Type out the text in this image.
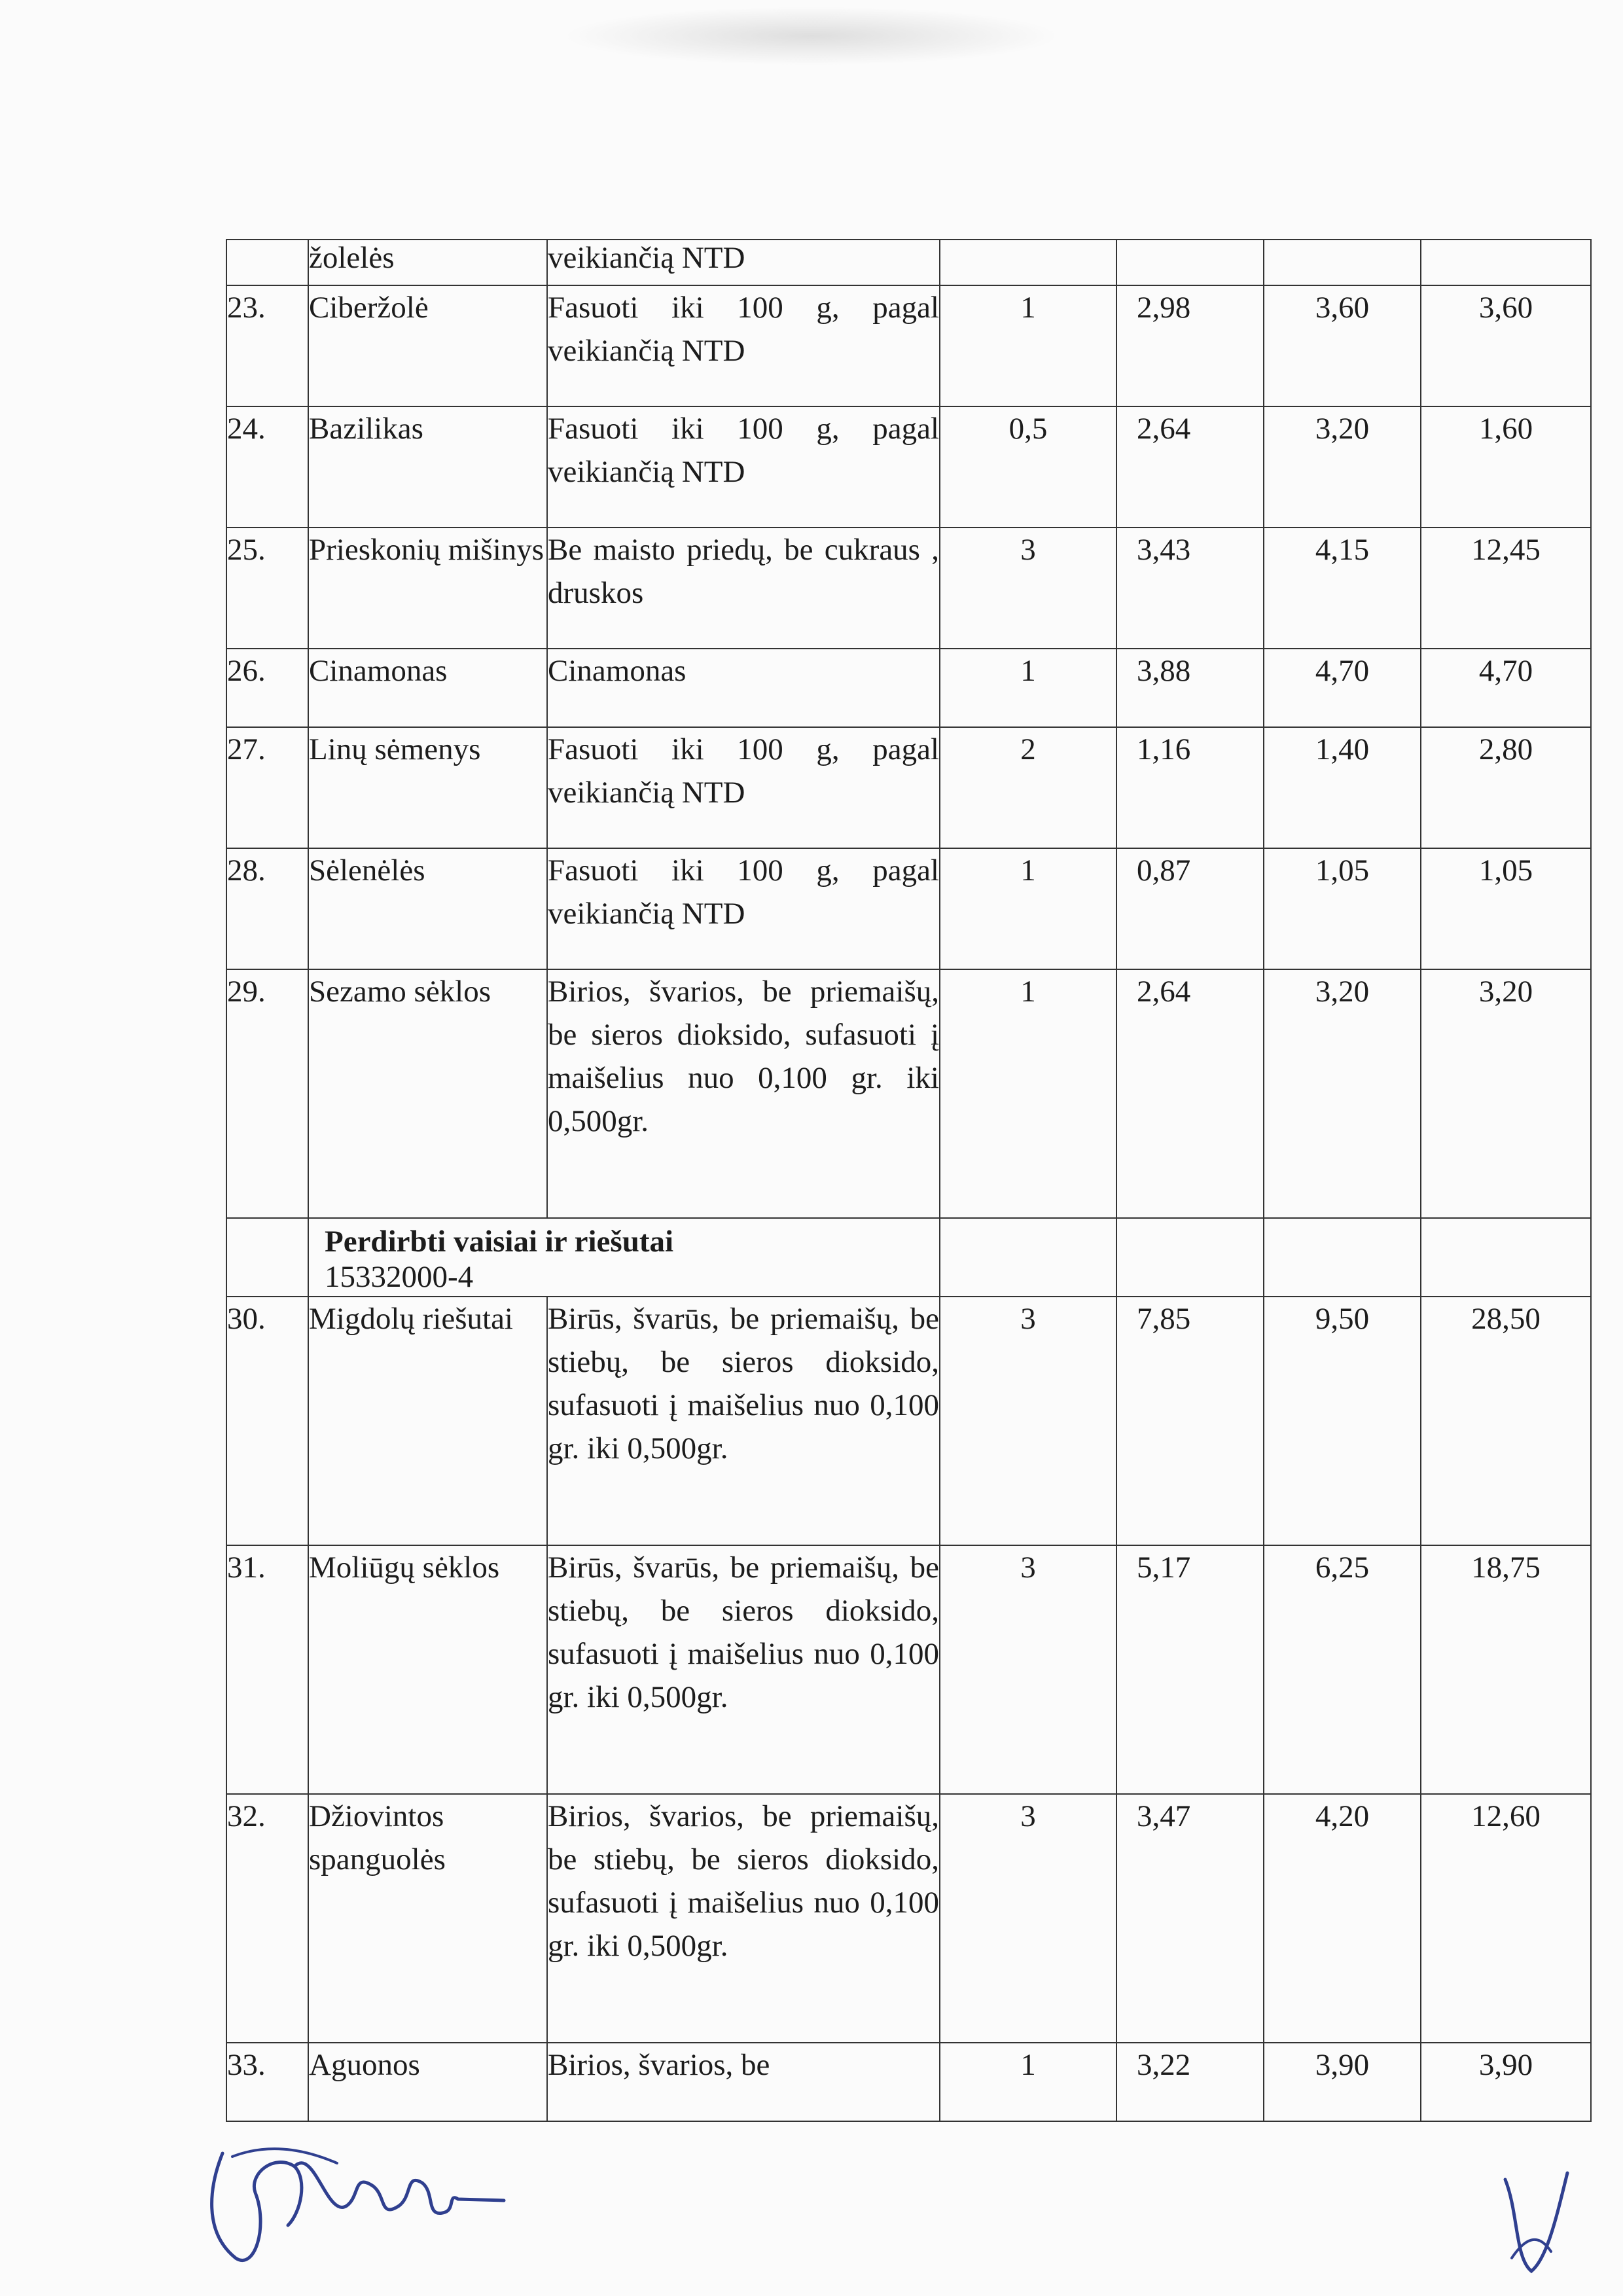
	žolelės	veikiančią NTD				
23.	Ciberžolė	Fasuoti iki 100 g, pagal veikiančią NTD	1	2,98	3,60	3,60
24.	Bazilikas	Fasuoti iki 100 g, pagal veikiančią NTD	0,5	2,64	3,20	1,60
25.	Prieskonių mišinys	Be maisto priedų, be cukraus , druskos	3	3,43	4,15	12,45
26.	Cinamonas	Cinamonas	1	3,88	4,70	4,70
27.	Linų sėmenys	Fasuoti iki 100 g, pagal veikiančią NTD	2	1,16	1,40	2,80
28.	Sėlenėlės	Fasuoti iki 100 g, pagal veikiančią NTD	1	0,87	1,05	1,05
29.	Sezamo sėklos	Birios, švarios, be priemaišų, be sieros dioksido, sufasuoti į maišelius nuo 0,100 gr. iki 0,500gr.	1	2,64	3,20	3,20

	Perdirbti vaisiai ir riešutai
15332000-4					

30.	Migdolų riešutai	Birūs, švarūs, be priemaišų, be stiebų, be sieros dioksido, sufasuoti į maišelius nuo 0,100 gr. iki 0,500gr.	3	7,85	9,50	28,50
31.	Moliūgų sėklos	Birūs, švarūs, be priemaišų, be stiebų, be sieros dioksido, sufasuoti į maišelius nuo 0,100 gr. iki 0,500gr.	3	5,17	6,25	18,75
32.	Džiovintos spanguolės	Birios, švarios, be priemaišų, be stiebų, be sieros dioksido, sufasuoti į maišelius nuo 0,100 gr. iki 0,500gr.	3	3,47	4,20	12,60
33.	Aguonos	Birios, švarios, be	1	3,22	3,90	3,90
